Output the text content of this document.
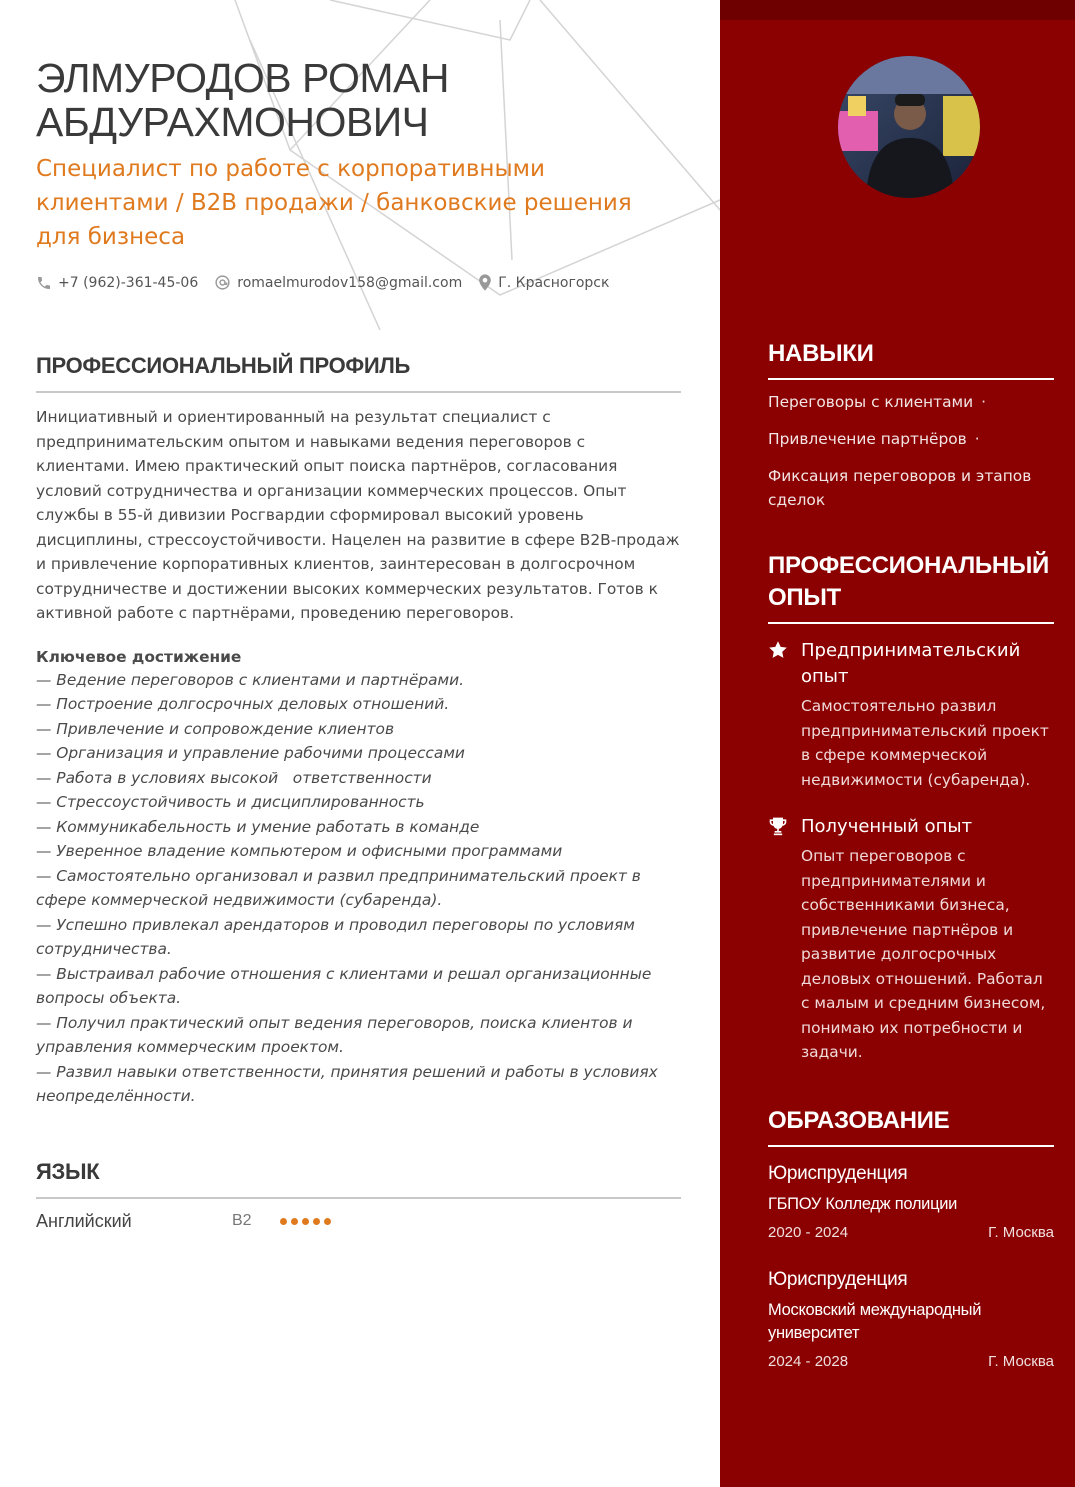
ЭЛМУРОДОВ РОМАН
АБДУРАХМОНОВИЧ
Специалист по работе с корпоративными клиентами / B2B продажи / банковские решения для бизнеса
+7 (962)-361-45-06	romaelmurodov158@gmail.com	Г. Красногорск
ПРОФЕССИОНАЛЬНЫЙ ПРОФИЛЬ

Инициативный и ориентированный на результат специалист с предпринимательским опытом и навыками ведения переговоров с клиентами. Имею практический опыт поиска партнёров, согласования условий сотрудничества и организации коммерческих процессов. Опыт службы в 55-й дивизии Росгвардии сформировал высокий уровень дисциплины, стрессоустойчивости. Нацелен на развитие в сфере B2B-продаж и привлечение корпоративных клиентов, заинтересован в долгосрочном сотрудничестве и достижении высоких коммерческих результатов. Готов к активной работе с партнёрами, проведению переговоров.

Ключевое достижение
— Ведение переговоров с клиентами и партнёрами.
— Построение долгосрочных деловых отношений.
— Привлечение и сопровождение клиентов
— Организация и управление рабочими процессами
— Работа в условиях высокой   ответственности
— Стрессоустойчивость и дисциплированность
— Коммуникабельность и умение работать в команде
— Уверенное владение компьютером и офисными программами
— Самостоятельно организовал и развил предпринимательский проект в сфере коммерческой недвижимости (субаренда).
— Успешно привлекал арендаторов и проводил переговоры по условиям сотрудничества.
— Выстраивал рабочие отношения с клиентами и решал организационные вопросы объекта.
— Получил практический опыт ведения переговоров, поиска клиентов и управления коммерческим проектом.
— Развил навыки ответственности, принятия решений и работы в условиях неопределённости.
ЯЗЫК
Английский	B2
НАВЫКИ
Переговоры с клиентами ·
Привлечение партнёров ·
Фиксация переговоров и этапов сделок
ПРОФЕССИОНАЛЬНЫЙ ОПЫТ
Предпринимательский опыт
Самостоятельно развил предпринимательский проект в сфере коммерческой недвижимости (субаренда).
Полученный опыт
Опыт переговоров с предпринимателями и собственниками бизнеса, привлечение партнёров и развитие долгосрочных деловых отношений. Работал с малым и средним бизнесом, понимаю их потребности и задачи.
ОБРАЗОВАНИЕ
Юриспруденция
ГБПОУ Колледж полиции
2020 - 2024	Г. Москва
Юриспруденция
Московский международный университет
2024 - 2028	Г. Москва
